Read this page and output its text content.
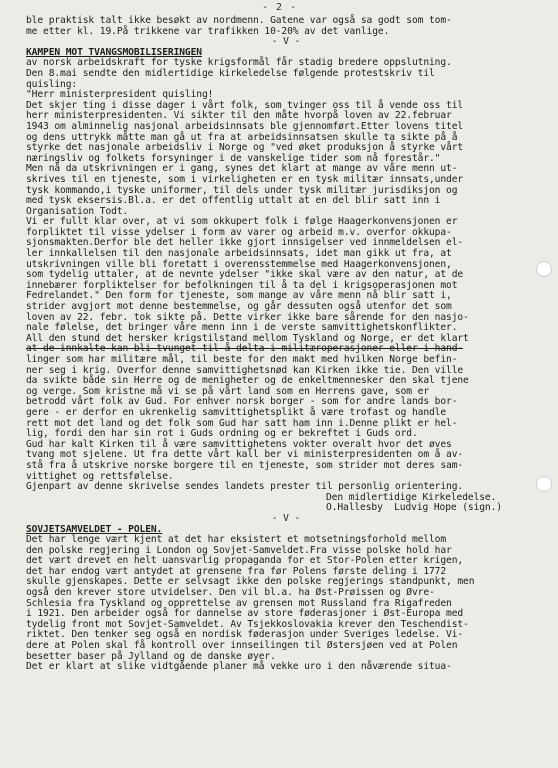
- 2 -
ble praktisk talt ikke besøkt av nordmenn. Gatene var også sa godt som tom-
me etter kl. 19.På trikkene var trafikken 10-20% av det vanlige.
- V -
KAMPEN MOT TVANGSMOBILISERINGEN
av norsk arbeidskraft for tyske krigsformål får stadig bredere oppslutning.
Den 8.mai sendte den midlertidige kirkeledelse følgende protestskriv til
quisling:
"Herr ministerpresident quisling!
Det skjer ting i disse dager i vårt folk, som tvinger oss til å vende oss til
herr ministerpresidenten. Vi sikter til den måte hvorpå loven av 22.februar
1943 om alminnelig nasjonal arbeidsinnsats ble gjennomført.Etter lovens titel
og dens uttrykk måtte man gå ut fra at arbeidsinnsatsen skulle ta sikte på å
styrke det nasjonale arbeidsliv i Norge og "ved øket produksjon å styrke vårt
næringsliv og folkets forsyninger i de vanskelige tider som nå forestår."
Men nå da utskrivningen er i gang, synes det klart at mange av våre menn ut-
skrives til en tjeneste, som i virkeligheten er en tysk militær innsats,under
tysk kommando,i tyske uniformer, til dels under tysk militær jurisdiksjon og
med tysk eksersis.Bl.a. er det offentlig uttalt at en del blir satt inn i
Organisation Todt.
Vi er fullt klar over, at vi som okkupert folk i følge Haagerkonvensjonen er
forpliktet til visse ydelser i form av varer og arbeid m.v. overfor okkupa-
sjonsmakten.Derfor ble det heller ikke gjort innsigelser ved innmeldelsen el-
ler innkallelsen til den nasjonale arbeidsinnsats, idet man gikk ut fra, at
utskrivningen ville bli foretatt i overensstemmelse med Haagerkonvensjonen,
som tydelig uttaler, at de nevnte ydelser "ikke skal være av den natur, at de
innebærer forpliktelser for befolkningen til å ta del i krigsoperasjonen mot
Fedrelandet." Den form for tjeneste, som mange av våre menn nå blir satt i,
strider avgjort mot denne bestemmelse, og går dessuten også utenfor det som
loven av 22. febr. tok sikte på. Dette virker ikke bare sårende for den nasjo-
nale følelse, det bringer våre menn inn i de verste samvittighetskonflikter.
All den stund det hersker krigstilstand mellom Tyskland og Norge, er det klart
at de innkalte kan bli tvunget til å delta i militæroperasjoner eller i hand-
linger som har militære mål, til beste for den makt med hvilken Norge befin-
ner seg i krig. Overfor denne samvittighetsnød kan Kirken ikke tie. Den ville
da svikte både sin Herre og de menigheter og de enkeltmennesker den skal tjene
og verge. Som kristne må vi se på vårt land som en Herrens gave, som er
betrodd vårt folk av Gud. For enhver norsk borger - som for andre lands bor-
gere - er derfor en ukrenkelig samvittighetsplikt å være trofast og handle
rett mot det land og det folk som Gud har satt ham inn i.Denne plikt er hel-
lig, fordi den har sin rot i Guds ordning og er bekreftet i Guds ord.
Gud har kalt Kirken til å være samvittighetens vokter overalt hvor det øves
tvang mot sjelene. Ut fra dette vårt kall ber vi ministerpresidenten om å av-
stå fra å utskrive norske borgere til en tjeneste, som strider mot deres sam-
vittighet og rettsfølelse.
Gjenpart av denne skrivelse sendes landets prester til personlig orientering.
Den midlertidige Kirkeledelse.
O.Hallesby  Ludvig Hope (sign.)
- V -
SOVJETSAMVELDET - POLEN.
Det har lenge vært kjent at det har eksistert et motsetningsforhold mellom
den polske regjering i London og Sovjet-Samveldet.Fra visse polske hold har
det vært drevet en helt uansvarlig propaganda for et Stor-Polen etter krigen,
det har endog vært antydet at grensene fra før Polens første deling i 1772
skulle gjenskapes. Dette er selvsagt ikke den polske regjerings standpunkt, men
også den krever store utvidelser. Den vil bl.a. ha Øst-Prøissen og Øvre-
Schlesia fra Tyskland og opprettelse av grensen mot Russland fra Rigafreden
i 1921. Den arbeider også for dannelse av store føderasjoner i Øst-Europa med
tydelig front mot Sovjet-Samveldet. Av Tsjekkoslovakia krever den Teschendist-
riktet. Den tenker seg også en nordisk føderasjon under Sveriges ledelse. Vi-
dere at Polen skal få kontroll over innseilingen til Østersjøen ved at Polen
besetter baser på Jylland og de danske øyer.
Det er klart at slike vidtgående planer må vekke uro i den nåværende situa-
